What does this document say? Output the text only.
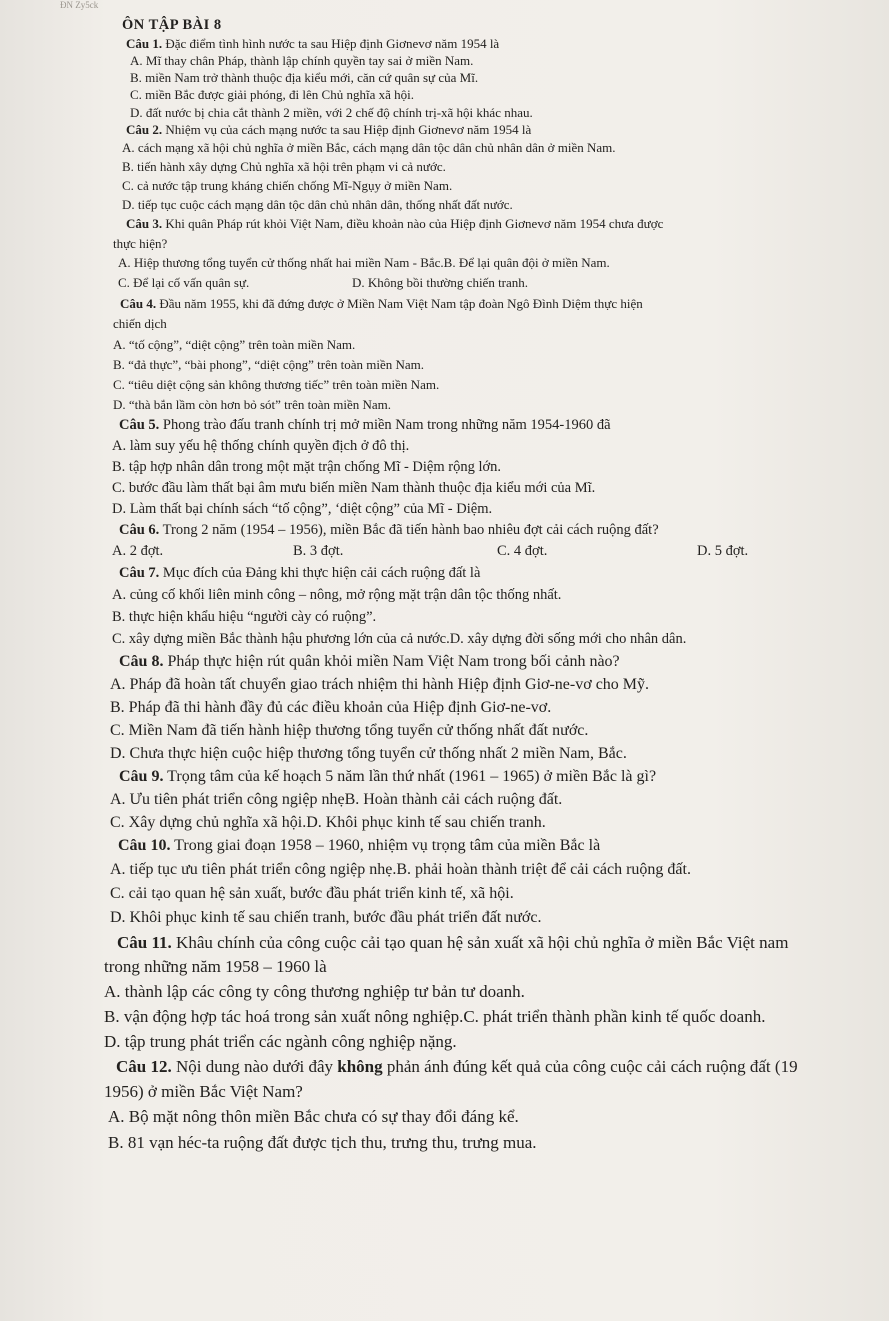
ĐN Zy5ck
ÔN TẬP BÀI 8
Câu 1. Đặc điểm tình hình nước ta sau Hiệp định Giơnevơ năm 1954 là
A. Mĩ thay chân Pháp, thành lập chính quyền tay sai ở miền Nam.
B. miền Nam trở thành thuộc địa kiểu mới, căn cứ quân sự của Mĩ.
C. miền Bắc được giải phóng, đi lên Chủ nghĩa xã hội.
D. đất nước bị chia cắt thành 2 miền, với 2 chế độ chính trị-xã hội khác nhau.
Câu 2. Nhiệm vụ của cách mạng nước ta sau Hiệp định Giơnevơ năm 1954 là
A. cách mạng xã hội chủ nghĩa ở miền Bắc, cách mạng dân tộc dân chủ nhân dân ở miền Nam.
B. tiến hành xây dựng Chủ nghĩa xã hội trên phạm vi cả nước.
C. cả nước tập trung kháng chiến chống Mĩ-Ngụy ở miền Nam.
D. tiếp tục cuộc cách mạng dân tộc dân chủ nhân dân, thống nhất đất nước.
Câu 3. Khi quân Pháp rút khỏi Việt Nam, điều khoản nào của Hiệp định Giơnevơ năm 1954 chưa được
thực hiện?
A. Hiệp thương tổng tuyển cử thống nhất hai miền Nam - Bắc.B. Để lại quân đội ở miền Nam.
C. Để lại cố vấn quân sự.	D. Không bồi thường chiến tranh.
Câu 4. Đầu năm 1955, khi đã đứng được ở Miền Nam Việt Nam tập đoàn Ngô Đình Diệm thực hiện
chiến dịch
A. “tố cộng”, “diệt cộng” trên toàn miền Nam.
B. “đả thực”, “bài phong”, “diệt cộng” trên toàn miền Nam.
C. “tiêu diệt cộng sản không thương tiếc” trên toàn miền Nam.
D. “thà bắn lầm còn hơn bỏ sót” trên toàn miền Nam.
Câu 5. Phong trào đấu tranh chính trị mở miền Nam trong những năm 1954-1960 đã
A. làm suy yếu hệ thống chính quyền địch ở đô thị.
B. tập hợp nhân dân trong một mặt trận chống Mĩ - Diệm rộng lớn.
C. bước đầu làm thất bại âm mưu biến miền Nam thành thuộc địa kiểu mới của Mĩ.
D. Làm thất bại chính sách “tố cộng”, ‘diệt cộng” của Mĩ - Diệm.
Câu 6. Trong 2 năm (1954 – 1956), miền Bắc đã tiến hành bao nhiêu đợt cải cách ruộng đất?
A. 2 đợt.	B. 3 đợt.	C. 4 đợt.	D. 5 đợt.
Câu 7. Mục đích của Đảng khi thực hiện cải cách ruộng đất là
A. củng cố khối liên minh công – nông, mở rộng mặt trận dân tộc thống nhất.
B. thực hiện khẩu hiệu “người cày có ruộng”.
C. xây dựng miền Bắc thành hậu phương lớn của cả nước.D. xây dựng đời sống mới cho nhân dân.
Câu 8. Pháp thực hiện rút quân khỏi miền Nam Việt Nam trong bối cảnh nào?
A. Pháp đã hoàn tất chuyển giao trách nhiệm thi hành Hiệp định Giơ-ne-vơ cho Mỹ.
B. Pháp đã thi hành đầy đủ các điều khoản của Hiệp định Giơ-ne-vơ.
C. Miền Nam đã tiến hành hiệp thương tổng tuyển cử thống nhất đất nước.
D. Chưa thực hiện cuộc hiệp thương tổng tuyển cử thống nhất 2 miền Nam, Bắc.
Câu 9. Trọng tâm của kế hoạch 5 năm lần thứ nhất (1961 – 1965) ở miền Bắc là gì?
A. Ưu tiên phát triển công ngiệp nhẹB. Hoàn thành cải cách ruộng đất.
C. Xây dựng chủ nghĩa xã hội.D. Khôi phục kinh tế sau chiến tranh.
Câu 10. Trong giai đoạn 1958 – 1960, nhiệm vụ trọng tâm của miền Bắc là
A. tiếp tục ưu tiên phát triển công ngiệp nhẹ.B. phải hoàn thành triệt để cải cách ruộng đất.
C. cải tạo quan hệ sản xuất, bước đầu phát triển kinh tế, xã hội.
D. Khôi phục kinh tế sau chiến tranh, bước đầu phát triển đất nước.
Câu 11. Khâu chính của công cuộc cải tạo quan hệ sản xuất xã hội chủ nghĩa ở miền Bắc Việt nam
trong những năm 1958 – 1960 là
A. thành lập các công ty công thương nghiệp tư bản tư doanh.
B. vận động hợp tác hoá trong sản xuất nông nghiệp.C. phát triển thành phần kinh tế quốc doanh.
D. tập trung phát triển các ngành công nghiệp nặng.
Câu 12. Nội dung nào dưới đây không phản ánh đúng kết quả của công cuộc cải cách ruộng đất (19
1956) ở miền Bắc Việt Nam?
A. Bộ mặt nông thôn miền Bắc chưa có sự thay đổi đáng kể.
B. 81 vạn héc-ta ruộng đất được tịch thu, trưng thu, trưng mua.
